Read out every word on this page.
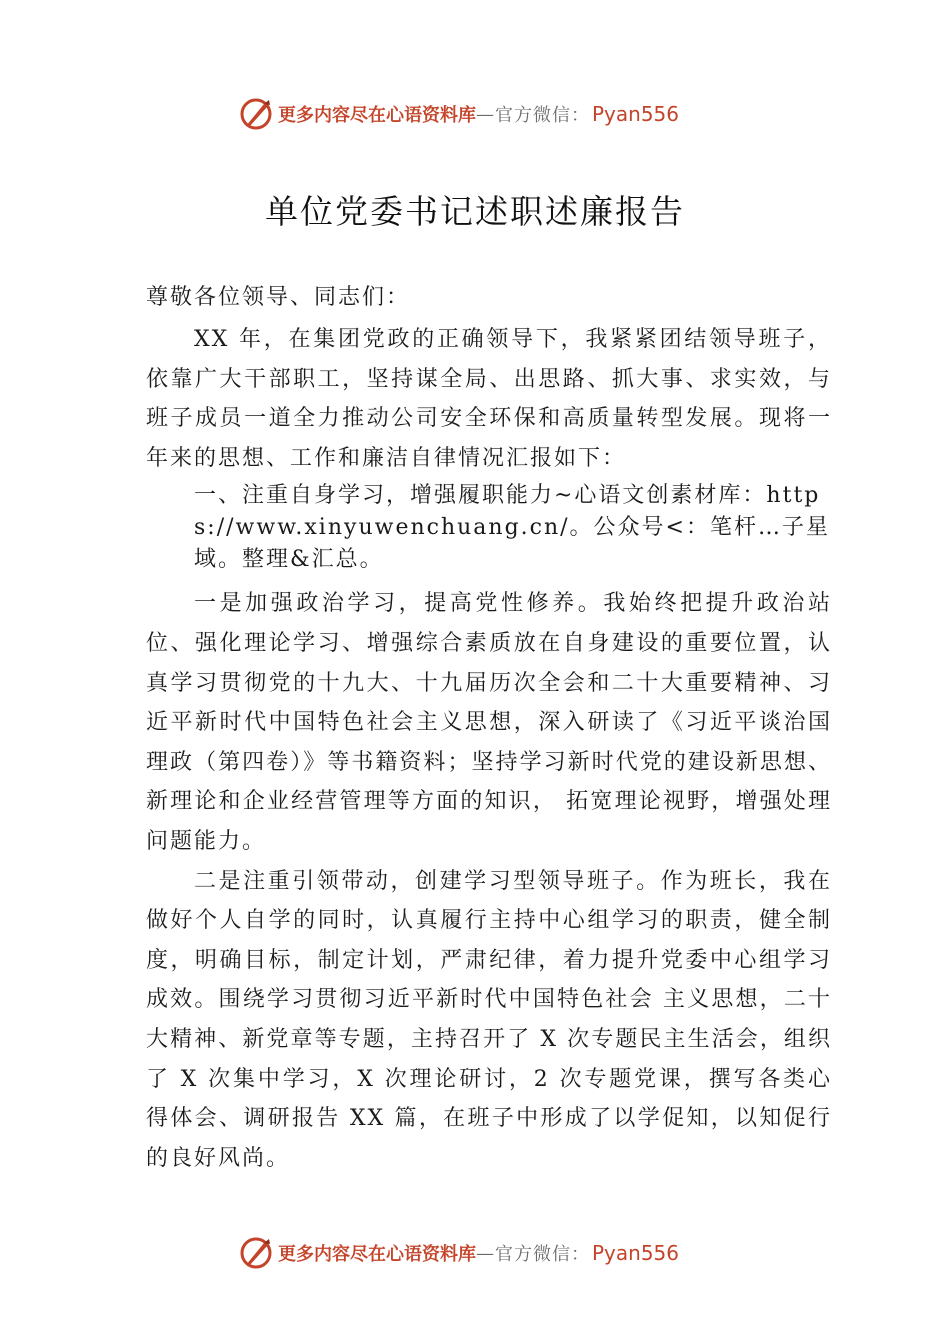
更多内容尽在心语资料库 — 官方微信： Pyan556
单位党委书记述职述廉报告

尊敬各位领导、同志们：

XX 年，在集团党政的正确领导下，我紧紧团结领导班子，依靠广大干部职工，坚持谋全局、出思路、抓大事、求实效，与班子成员一道全力推动公司安全环保和高质量转型发展。现将一年来的思想、工作和廉洁自律情况汇报如下：

一、注重自身学习，增强履职能力~心语文创素材库：https://www.xinyuwenchuang.cn/。公众号<：笔杆…子星域。整理&汇总。

一是加强政治学习，提高党性修养。我始终把提升政治站位、强化理论学习、增强综合素质放在自身建设的重要位置，认真学习贯彻党的十九大、十九届历次全会和二十大重要精神、习近平新时代中国特色社会主义思想，深入研读了《习近平谈治国理政（第四卷）》等书籍资料；坚持学习新时代党的建设新思想、新理论和企业经营管理等方面的知识， 拓宽理论视野，增强处理问题能力。

二是注重引领带动，创建学习型领导班子。作为班长，我在做好个人自学的同时，认真履行主持中心组学习的职责，健全制度，明确目标，制定计划，严肃纪律，着力提升党委中心组学习成效。围绕学习贯彻习近平新时代中国特色社会 主义思想，二十大精神、新党章等专题，主持召开了 X 次专题民主生活会，组织了 X 次集中学习，X 次理论研讨，2 次专题党课，撰写各类心得体会、调研报告 XX 篇，在班子中形成了以学促知，以知促行的良好风尚。

更多内容尽在心语资料库 — 官方微信： Pyan556
